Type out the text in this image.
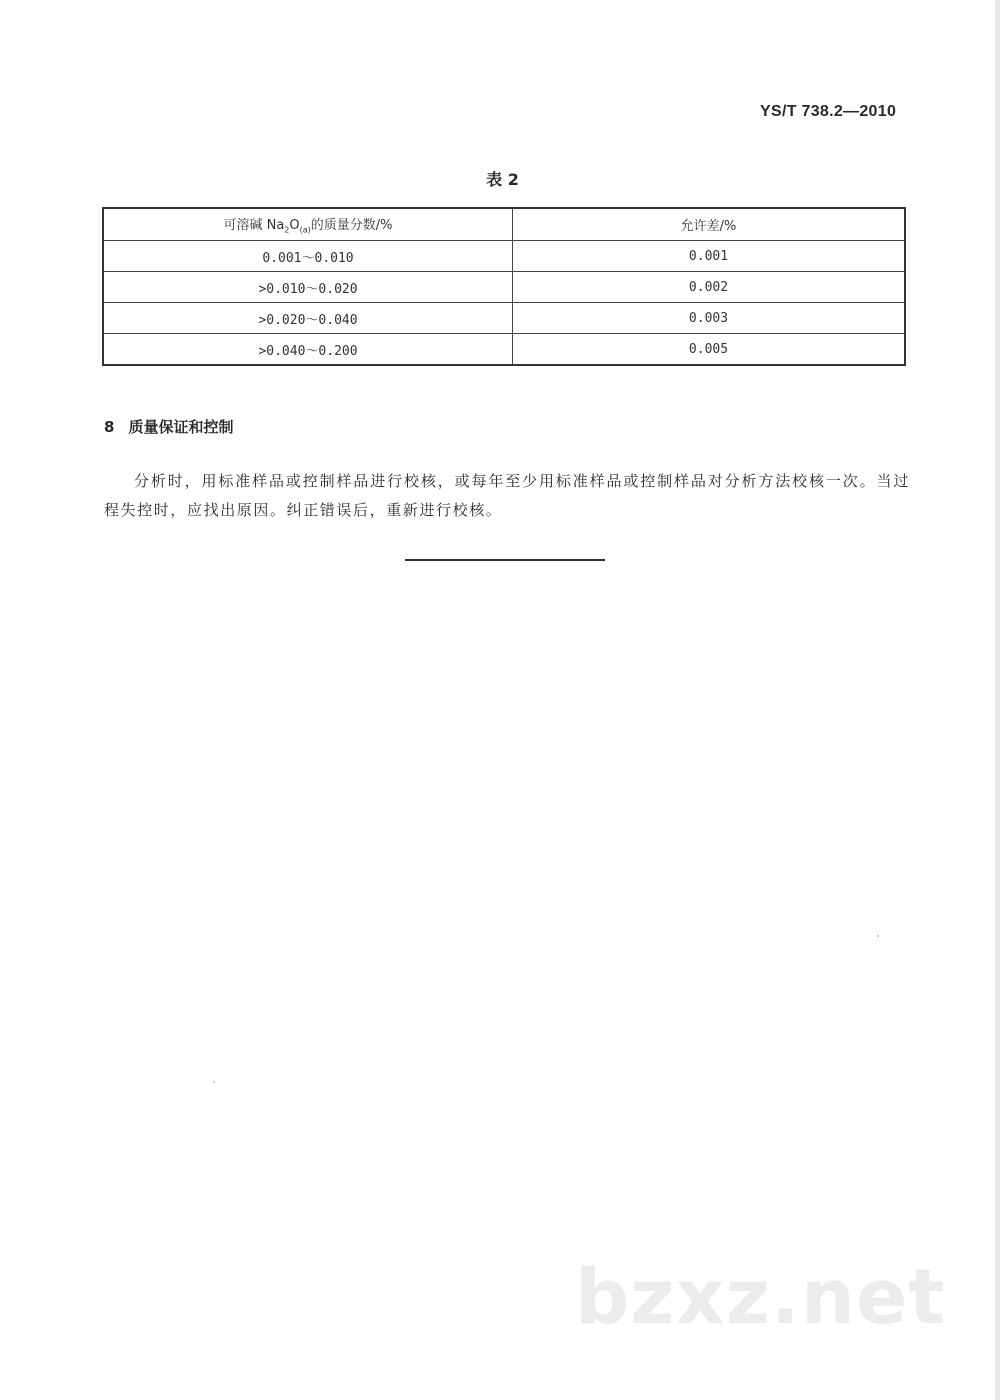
YS/T 738.2—2010
表 2
可溶碱 $Na_2O_{(a)}$的质量分数/%	允许差/%
0.001～0.010	0.001
>0.010～0.020	0.002
>0.020～0.040	0.003
>0.040～0.200	0.005
8 质量保证和控制
分析时，用标准样品或控制样品进行校核，或每年至少用标准样品或控制样品对分析方法校核一次。当过程失控时，应找出原因。纠正错误后，重新进行校核。
bzxz.net
